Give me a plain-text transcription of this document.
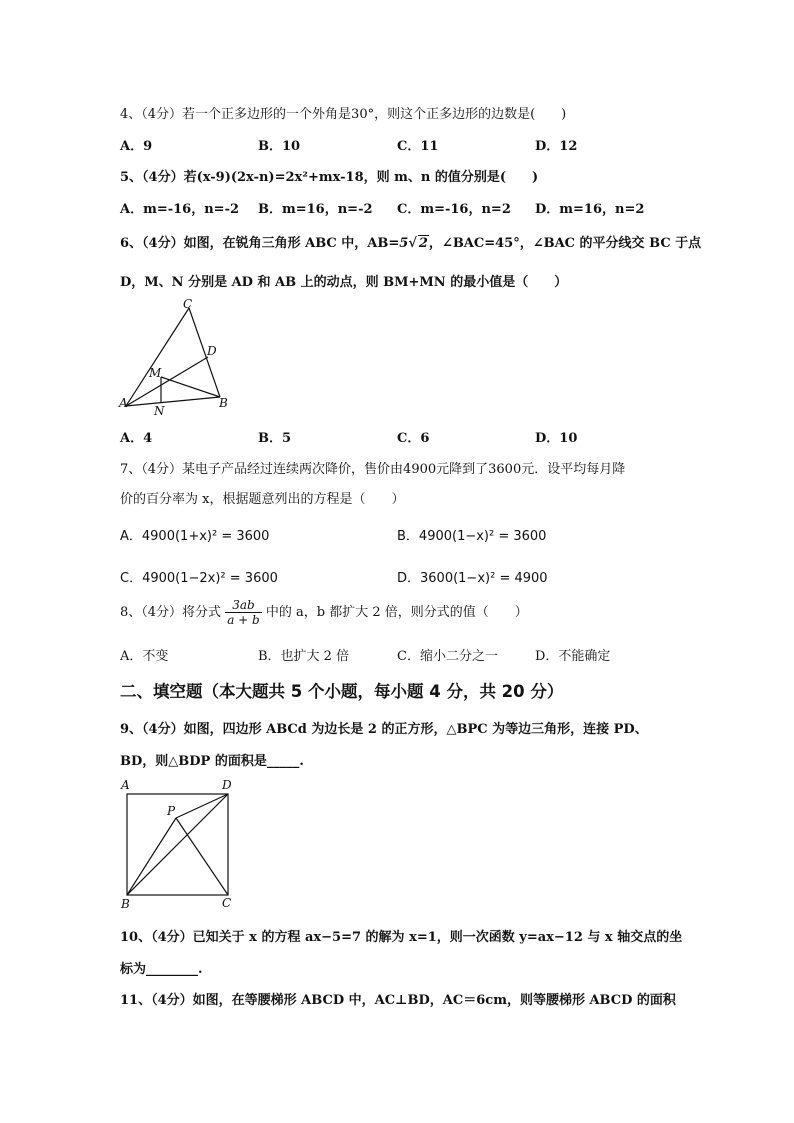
4、（4分）若一个正多边形的一个外角是30°，则这个正多边形的边数是(　　)
A．9	B．10	C．11	D．12
5、（4分）若(x-9)(2x-n)=2x²+mx-18，则 m、n 的值分别是(　　)
A．m=-16，n=-2 B．m=16，n=-2 C．m=-16，n=2 D．m=16，n=2
6、（4分）如图，在锐角三角形 ABC 中，AB=5√ 2，∠BAC=45°，∠BAC 的平分线交 BC 于点
D，M、N 分别是 AD 和 AB 上的动点，则 BM+MN 的最小值是（　　）
C
D
M
A
N
B
A．4	B．5	C．6	D．10
7、（4分）某电子产品经过连续两次降价，售价由4900元降到了3600元．设平均每月降
价的百分率为 x，根据题意列出的方程是（　　）
A．4900(1+x)² = 3600	B．4900(1−x)² = 3600
C．4900(1−2x)² = 3600	D．3600(1−x)² = 4900
8、（4分）将分式 $\frac{3ab}{a + b}$ 中的 a，b 都扩大 2 倍，则分式的值（　　）
A．不变	B．也扩大 2 倍	C．缩小二分之一	D．不能确定
二、填空题（本大题共 5 个小题，每小题 4 分，共 20 分）
9、（4分）如图，四边形 ABCd 为边长是 2 的正方形，△BPC 为等边三角形，连接 PD、
BD，则△BDP 的面积是_____.
A	D
P
B	C
10、（4分）已知关于 x 的方程 ax−5=7 的解为 x=1，则一次函数 y=ax−12 与 x 轴交点的坐
标为________.
11、（4分）如图，在等腰梯形 ABCD 中，AC⊥BD，AC＝6cm，则等腰梯形 ABCD 的面积
